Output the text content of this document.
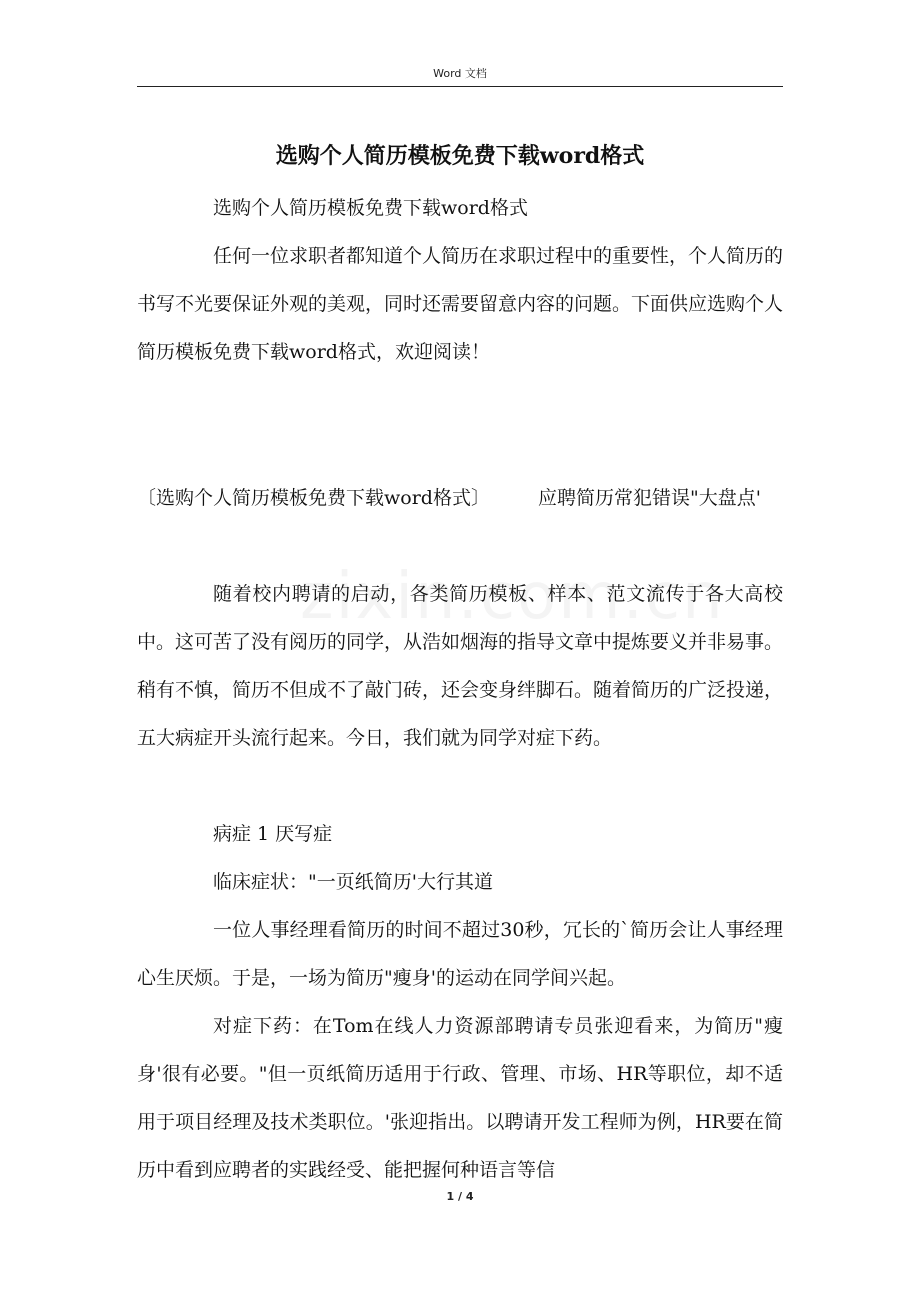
Word 文档
选购个人简历模板免费下载word格式

选购个人简历模板免费下载word格式

任何一位求职者都知道个人简历在求职过程中的重要性，个人简历的书写不光要保证外观的美观，同时还需要留意内容的问题。下面供应选购个人简历模板免费下载word格式，欢迎阅读！

〔选购个人简历模板免费下载word格式〕	应聘简历常犯错误"大盘点'

随着校内聘请的启动，各类简历模板、样本、范文流传于各大高校中。这可苦了没有阅历的同学，从浩如烟海的指导文章中提炼要义并非易事。稍有不慎，简历不但成不了敲门砖，还会变身绊脚石。随着简历的广泛投递，五大病症开头流行起来。今日，我们就为同学对症下药。

病症 1 厌写症

临床症状："一页纸简历'大行其道

一位人事经理看简历的时间不超过30秒，冗长的`简历会让人事经理心生厌烦。于是，一场为简历"瘦身'的运动在同学间兴起。

对症下药：在Tom在线人力资源部聘请专员张迎看来，为简历"瘦身'很有必要。"但一页纸简历适用于行政、管理、市场、HR等职位，却不适用于项目经理及技术类职位。'张迎指出。以聘请开发工程师为例，HR要在简历中看到应聘者的实践经受、能把握何种语言等信

1 / 4
